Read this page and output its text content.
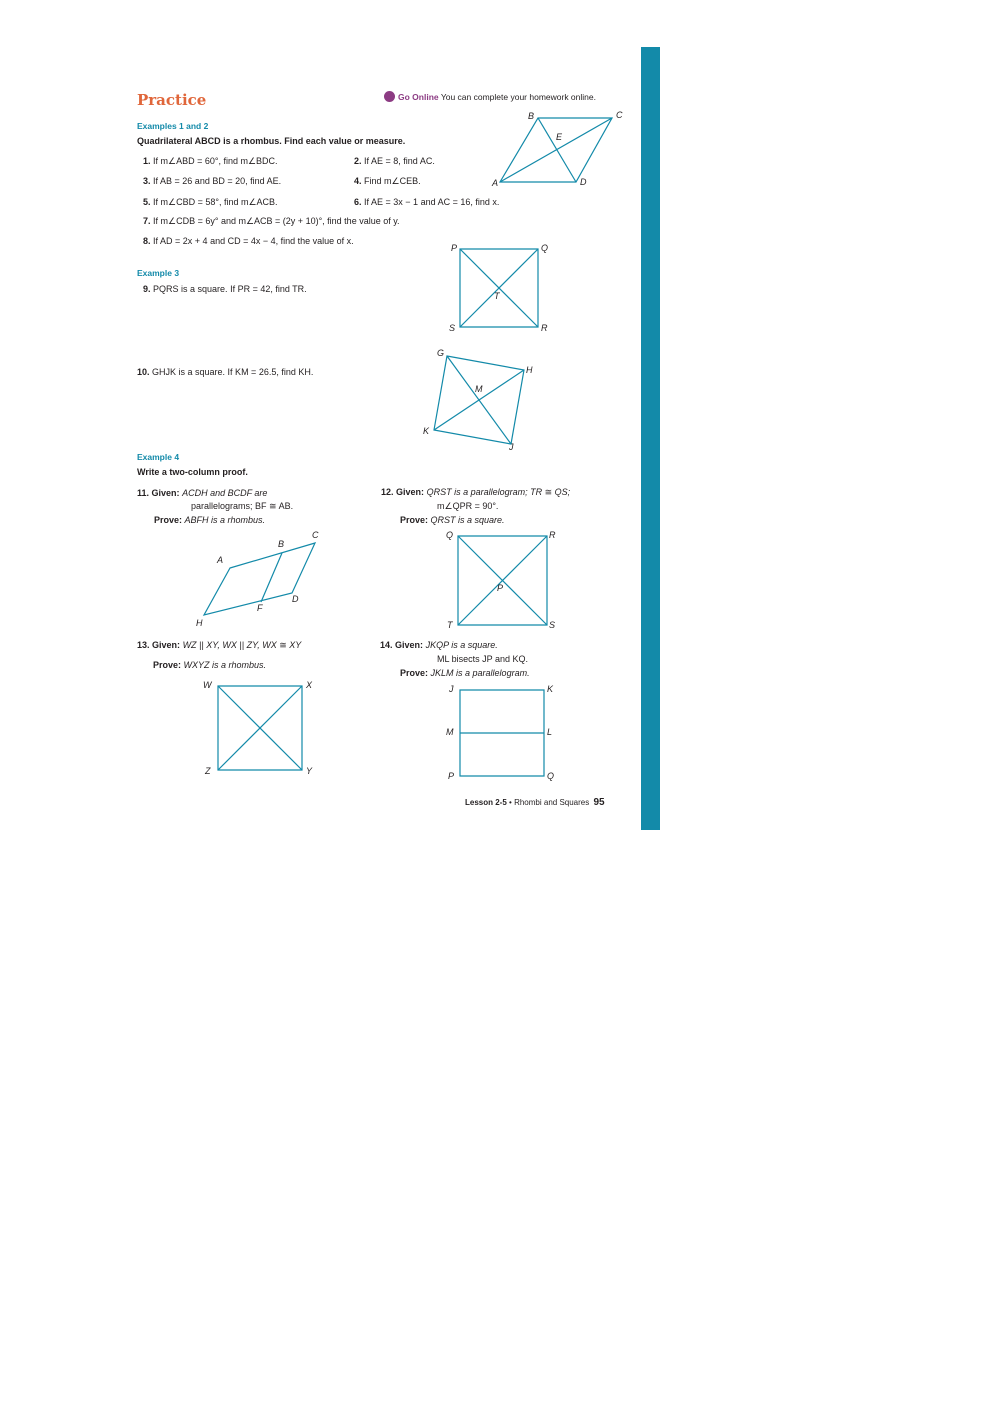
Practice	Go Online You can complete your homework online.
Examples 1 and 2
Quadrilateral ABCD is a rhombus. Find each value or measure.
1. If m∠ABD = 60°, find m∠BDC.	2. If AE = 8, find AC.
3. If AB = 26 and BD = 20, find AE.	4. Find m∠CEB.
5. If m∠CBD = 58°, find m∠ACB.	6. If AE = 3x − 1 and AC = 16, find x.
7. If m∠CDB = 6y° and m∠ACB = (2y + 10)°, find the value of y.
8. If AD = 2x + 4 and CD = 4x − 4, find the value of x.
B	C
E
A	D
Example 3
9. PQRS is a square. If PR = 42, find TR.
P	Q
T
S	R
10. GHJK is a square. If KM = 26.5, find KH.
G
H
M
K
J
Example 4
Write a two-column proof.
11. Given: ACDH and BCDF are
parallelograms; BF ≅ AB.
Prove: ABFH is a rhombus.
A
B
C
D
F
H
12. Given: QRST is a parallelogram; TR ≅ QS;
m∠QPR = 90°.
Prove: QRST is a square.
Q	R
P
T	S
13. Given: WZ || XY, WX || ZY, WX ≅ XY
Prove: WXYZ is a rhombus.
W	X
Z	Y
14. Given: JKQP is a square.
ML bisects JP and KQ.
Prove: JKLM is a parallelogram.
J	K
M	L
P	Q
Lesson 2-5 • Rhombi and Squares 95
